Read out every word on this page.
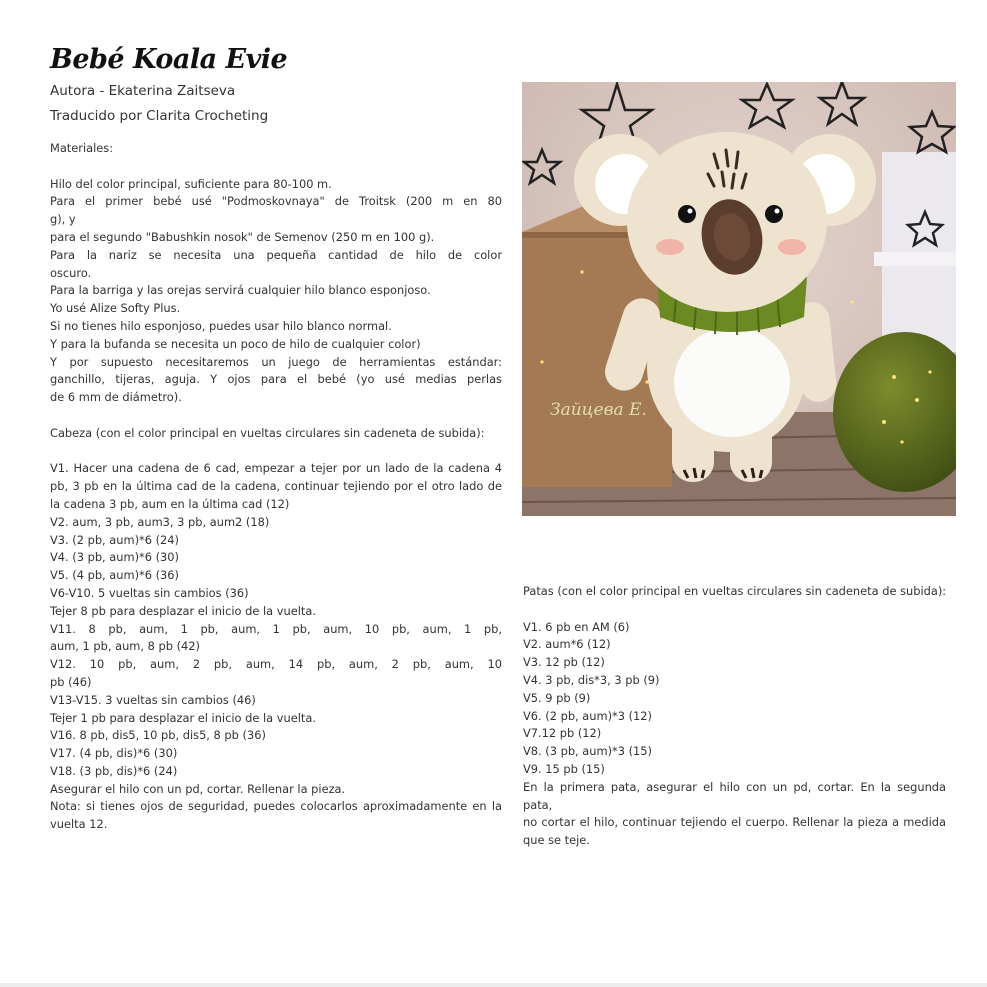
Bebé Koala Evie
Autora - Ekaterina Zaitseva
Traducido por Clarita Crocheting
Materiales:
Hilo del color principal, suficiente para 80-100 m.
Para el primer bebé usé "Podmoskovnaya" de Troitsk (200 m en 80
g), y
para el segundo "Babushkin nosok" de Semenov (250 m en 100 g).
Para la nariz se necesita una pequeña cantidad de hilo de color
oscuro.
Para la barriga y las orejas servirá cualquier hilo blanco esponjoso.
Yo usé Alize Softy Plus.
Si no tienes hilo esponjoso, puedes usar hilo blanco normal.
Y para la bufanda se necesita un poco de hilo de cualquier color)
Y por supuesto necesitaremos un juego de herramientas estándar:
ganchillo, tijeras, aguja. Y ojos para el bebé (yo usé medias perlas
de 6 mm de diámetro).
Cabeza (con el color principal en vueltas circulares sin cadeneta de subida):
V1. Hacer una cadena de 6 cad, empezar a tejer por un lado de la cadena 4
pb, 3 pb en la última cad de la cadena, continuar tejiendo por el otro lado de
la cadena 3 pb, aum en la última cad (12)
V2. aum, 3 pb, aum3, 3 pb, aum2 (18)
V3. (2 pb, aum)*6 (24)
V4. (3 pb, aum)*6 (30)
V5. (4 pb, aum)*6 (36)
V6-V10. 5 vueltas sin cambios (36)
Tejer 8 pb para desplazar el inicio de la vuelta.
V11. 8 pb, aum, 1 pb, aum, 1 pb, aum, 10 pb, aum, 1 pb,
aum, 1 pb, aum, 8 pb (42)
V12. 10 pb, aum, 2 pb, aum, 14 pb, aum, 2 pb, aum, 10
pb (46)
V13-V15. 3 vueltas sin cambios (46)
Tejer 1 pb para desplazar el inicio de la vuelta.
V16. 8 pb, dis5, 10 pb, dis5, 8 pb (36)
V17. (4 pb, dis)*6 (30)
V18. (3 pb, dis)*6 (24)
Asegurar el hilo con un pd, cortar. Rellenar la pieza.
Nota: si tienes ojos de seguridad, puedes colocarlos aproximadamente en la
vuelta 12.
Patas (con el color principal en vueltas circulares sin cadeneta de subida):
V1. 6 pb en AM (6)
V2. aum*6 (12)
V3. 12 pb (12)
V4. 3 pb, dis*3, 3 pb (9)
V5. 9 pb (9)
V6. (2 pb, aum)*3 (12)
V7.12 pb (12)
V8. (3 pb, aum)*3 (15)
V9. 15 pb (15)
En la primera pata, asegurar el hilo con un pd, cortar. En la segunda pata,
no cortar el hilo, continuar tejiendo el cuerpo. Rellenar la pieza a medida
que se teje.
Зайцева Е.
